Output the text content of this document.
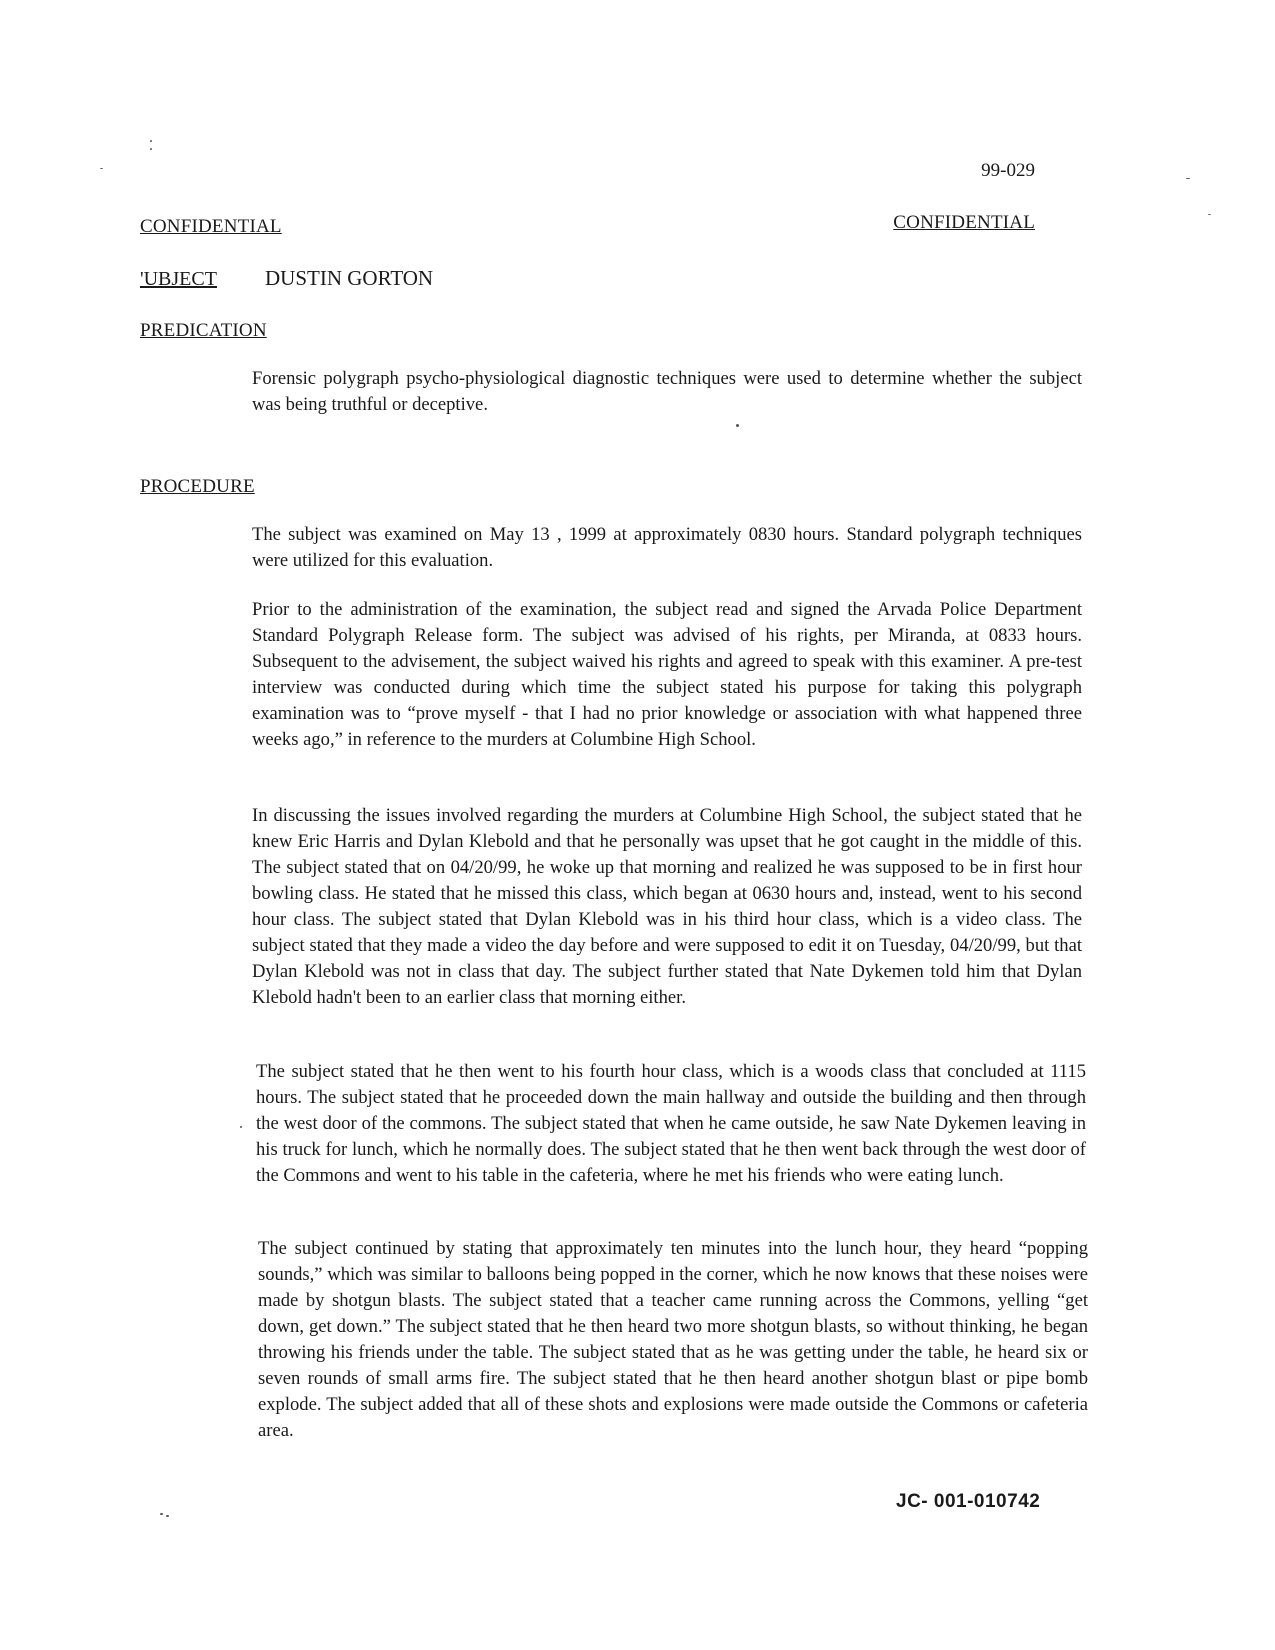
99-029
CONFIDENTIAL	CONFIDENTIAL
'UBJECT DUSTIN GORTON
PREDICATION

Forensic polygraph psycho-physiological diagnostic techniques were used to determine whether the subject was being truthful or deceptive.

PROCEDURE

The subject was examined on May 13 , 1999 at approximately 0830 hours. Standard polygraph techniques were utilized for this evaluation.

Prior to the administration of the examination, the subject read and signed the Arvada Police Department Standard Polygraph Release form. The subject was advised of his rights, per Miranda, at 0833 hours. Subsequent to the advisement, the subject waived his rights and agreed to speak with this examiner. A pre-test interview was conducted during which time the subject stated his purpose for taking this polygraph examination was to “prove myself - that I had no prior knowledge or association with what happened three weeks ago,” in reference to the murders at Columbine High School.

In discussing the issues involved regarding the murders at Columbine High School, the subject stated that he knew Eric Harris and Dylan Klebold and that he personally was upset that he got caught in the middle of this. The subject stated that on 04/20/99, he woke up that morning and realized he was supposed to be in first hour bowling class. He stated that he missed this class, which began at 0630 hours and, instead, went to his second hour class. The subject stated that Dylan Klebold was in his third hour class, which is a video class. The subject stated that they made a video the day before and were supposed to edit it on Tuesday, 04/20/99, but that Dylan Klebold was not in class that day. The subject further stated that Nate Dykemen told him that Dylan Klebold hadn't been to an earlier class that morning either.

The subject stated that he then went to his fourth hour class, which is a woods class that concluded at 1115 hours. The subject stated that he proceeded down the main hallway and outside the building and then through the west door of the commons. The subject stated that when he came outside, he saw Nate Dykemen leaving in his truck for lunch, which he normally does. The subject stated that he then went back through the west door of the Commons and went to his table in the cafeteria, where he met his friends who were eating lunch.

The subject continued by stating that approximately ten minutes into the lunch hour, they heard “popping sounds,” which was similar to balloons being popped in the corner, which he now knows that these noises were made by shotgun blasts. The subject stated that a teacher came running across the Commons, yelling “get down, get down.” The subject stated that he then heard two more shotgun blasts, so without thinking, he began throwing his friends under the table. The subject stated that as he was getting under the table, he heard six or seven rounds of small arms fire. The subject stated that he then heard another shotgun blast or pipe bomb explode. The subject added that all of these shots and explosions were made outside the Commons or cafeteria area.

JC- 001-010742
